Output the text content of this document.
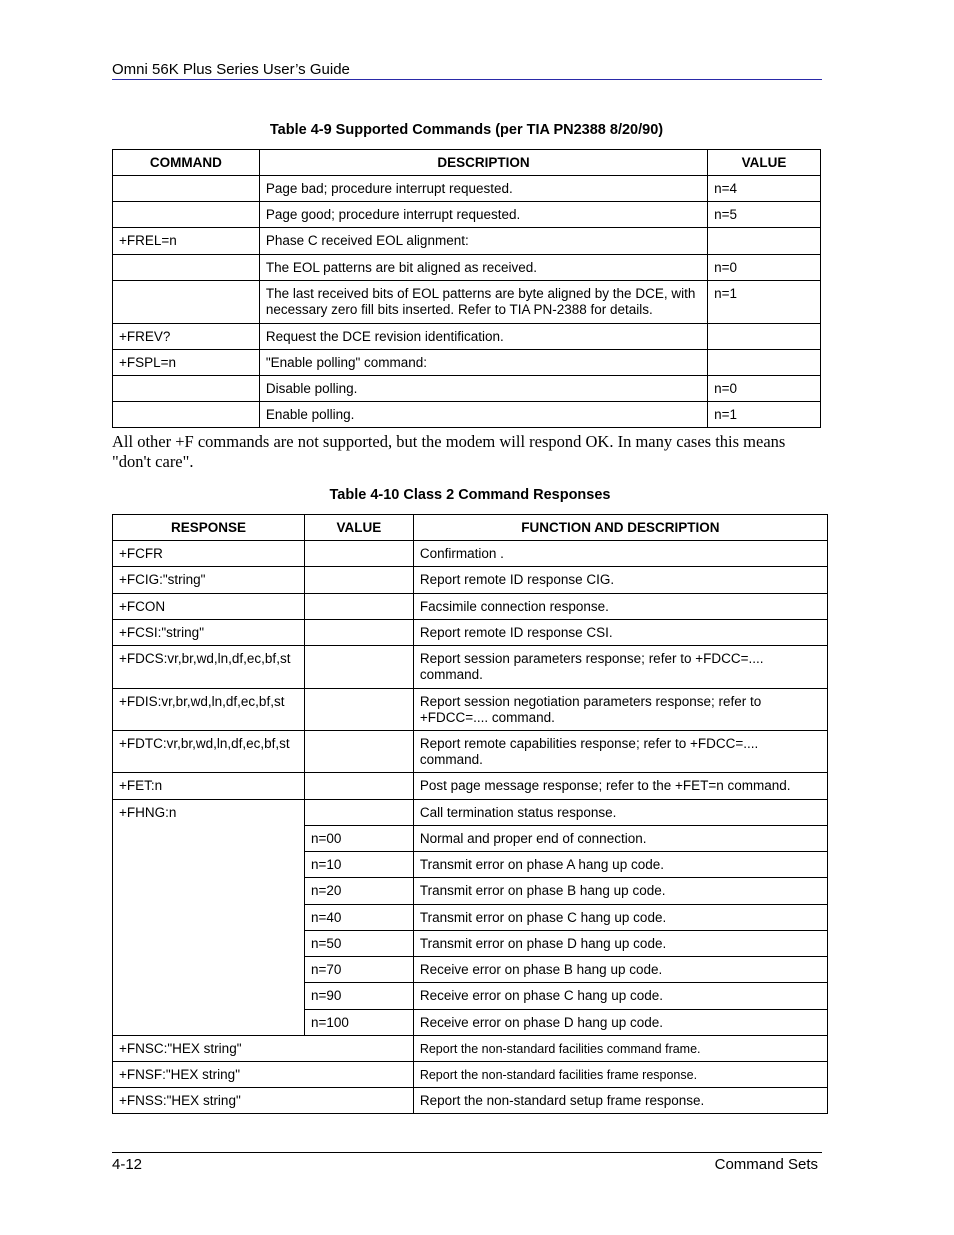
Omni 56K Plus Series User’s Guide
Table 4-9 Supported Commands (per TIA PN2388 8/20/90)
COMMAND	DESCRIPTION	VALUE
	Page bad; procedure interrupt requested.	n=4
	Page good; procedure interrupt requested.	n=5
+FREL=n	Phase C received EOL alignment:	
	The EOL patterns are bit aligned as received.	n=0
	The last received bits of EOL patterns are byte aligned by the DCE, with necessary zero fill bits inserted. Refer to TIA PN-2388 for details.	n=1
+FREV?	Request the DCE revision identification.	
+FSPL=n	"Enable polling" command:	
	Disable polling.	n=0
	Enable polling.	n=1
All other +F commands are not supported, but the modem will respond OK. In many cases this means "don't care".
Table 4-10 Class 2 Command Responses
RESPONSE	VALUE	FUNCTION AND DESCRIPTION
+FCFR		Confirmation .
+FCIG:"string"		Report remote ID response CIG.
+FCON		Facsimile connection response.
+FCSI:"string"		Report remote ID response CSI.
+FDCS:vr,br,wd,ln,df,ec,bf,st		Report session parameters response; refer to +FDCC=.... command.
+FDIS:vr,br,wd,ln,df,ec,bf,st		Report session negotiation parameters response; refer to +FDCC=.... command.
+FDTC:vr,br,wd,ln,df,ec,bf,st		Report remote capabilities response; refer to +FDCC=.... command.
+FET:n		Post page message response; refer to the +FET=n command.
+FHNG:n		Call termination status response.
	n=00	Normal and proper end of connection.
	n=10	Transmit error on phase A hang up code.
	n=20	Transmit error on phase B hang up code.
	n=40	Transmit error on phase C hang up code.
	n=50	Transmit error on phase D hang up code.
	n=70	Receive error on phase B hang up code.
	n=90	Receive error on phase C hang up code.
	n=100	Receive error on phase D hang up code.
+FNSC:"HEX string"		Report the non-standard facilities command frame.
+FNSF:"HEX string"		Report the non-standard facilities frame response.
+FNSS:"HEX string"		Report the non-standard setup frame response.
4-12	Command Sets
